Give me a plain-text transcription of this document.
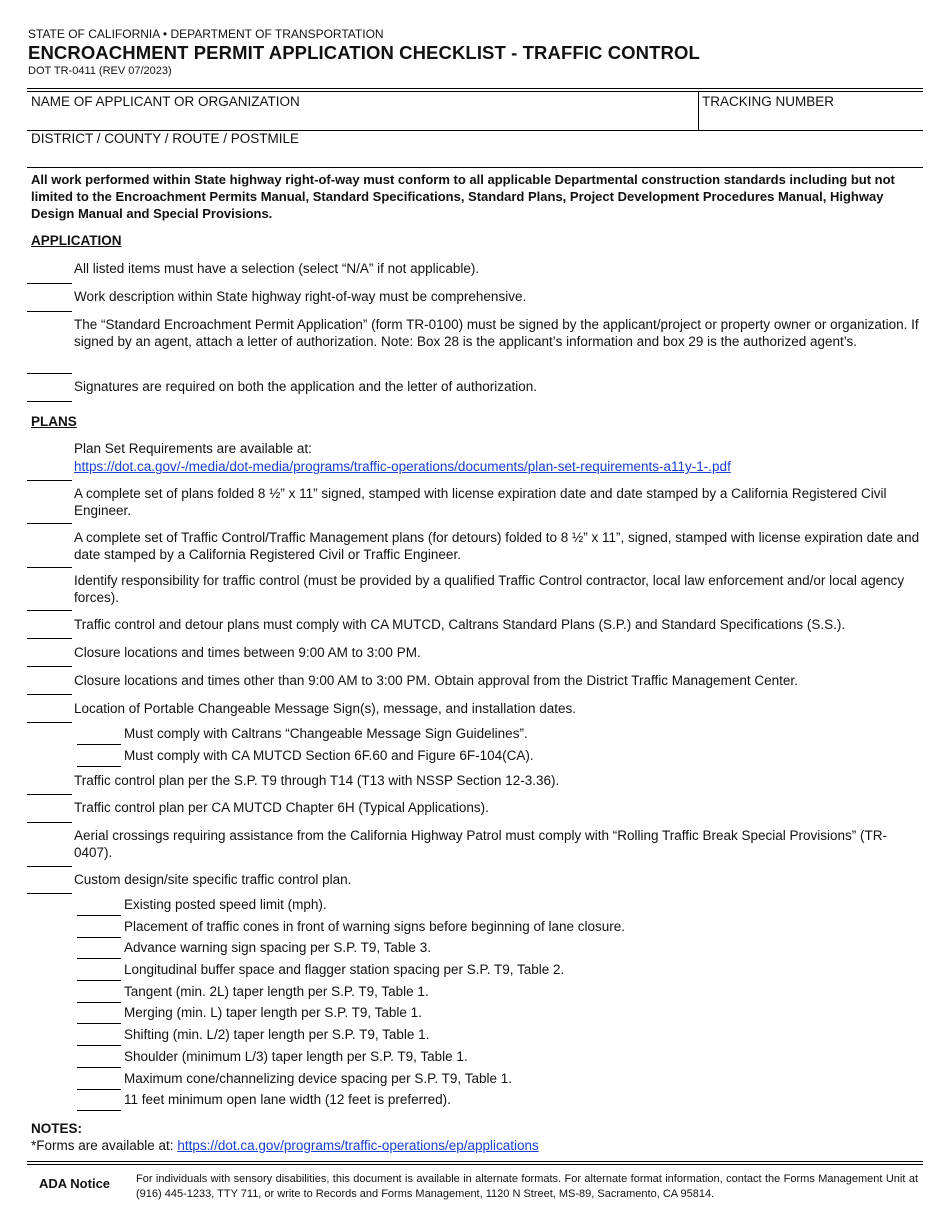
STATE OF CALIFORNIA • DEPARTMENT OF TRANSPORTATION
ENCROACHMENT PERMIT APPLICATION CHECKLIST - TRAFFIC CONTROL
DOT TR-0411 (REV 07/2023)
NAME OF APPLICANT OR ORGANIZATION	TRACKING NUMBER
DISTRICT / COUNTY / ROUTE / POSTMILE
All work performed within State highway right-of-way must conform to all applicable Departmental construction standards including but not limited to the Encroachment Permits Manual, Standard Specifications, Standard Plans, Project Development Procedures Manual, Highway Design Manual and Special Provisions.
APPLICATION
All listed items must have a selection (select “N/A” if not applicable).
Work description within State highway right-of-way must be comprehensive.
The “Standard Encroachment Permit Application” (form TR-0100) must be signed by the applicant/project or property owner or organization. If signed by an agent, attach a letter of authorization. Note: Box 28 is the applicant’s information and box 29 is the authorized agent’s.
Signatures are required on both the application and the letter of authorization.
PLANS
Plan Set Requirements are available at:
https://dot.ca.gov/-/media/dot-media/programs/traffic-operations/documents/plan-set-requirements-a11y-1-.pdf
A complete set of plans folded 8 ½” x 11” signed, stamped with license expiration date and date stamped by a California Registered Civil Engineer.
A complete set of Traffic Control/Traffic Management plans (for detours) folded to 8 ½” x 11”, signed, stamped with license expiration date and date stamped by a California Registered Civil or Traffic Engineer.
Identify responsibility for traffic control (must be provided by a qualified Traffic Control contractor, local law enforcement and/or local agency forces).
Traffic control and detour plans must comply with CA MUTCD, Caltrans Standard Plans (S.P.) and Standard Specifications (S.S.).
Closure locations and times between 9:00 AM to 3:00 PM.
Closure locations and times other than 9:00 AM to 3:00 PM. Obtain approval from the District Traffic Management Center.
Location of Portable Changeable Message Sign(s), message, and installation dates.
Must comply with Caltrans “Changeable Message Sign Guidelines”.
Must comply with CA MUTCD Section 6F.60 and Figure 6F-104(CA).
Traffic control plan per the S.P. T9 through T14 (T13 with NSSP Section 12-3.36).
Traffic control plan per CA MUTCD Chapter 6H (Typical Applications).
Aerial crossings requiring assistance from the California Highway Patrol must comply with “Rolling Traffic Break Special Provisions” (TR-0407).
Custom design/site specific traffic control plan.
Existing posted speed limit (mph).
Placement of traffic cones in front of warning signs before beginning of lane closure.
Advance warning sign spacing per S.P. T9, Table 3.
Longitudinal buffer space and flagger station spacing per S.P. T9, Table 2.
Tangent (min. 2L) taper length per S.P. T9, Table 1.
Merging (min. L) taper length per S.P. T9, Table 1.
Shifting (min. L/2) taper length per S.P. T9, Table 1.
Shoulder (minimum L/3) taper length per S.P. T9, Table 1.
Maximum cone/channelizing device spacing per S.P. T9, Table 1.
11 feet minimum open lane width (12 feet is preferred).
NOTES:
*Forms are available at: https://dot.ca.gov/programs/traffic-operations/ep/applications
ADA Notice For individuals with sensory disabilities, this document is available in alternate formats. For alternate format information, contact the Forms Management Unit at (916) 445-1233, TTY 711, or write to Records and Forms Management, 1120 N Street, MS-89, Sacramento, CA 95814.
